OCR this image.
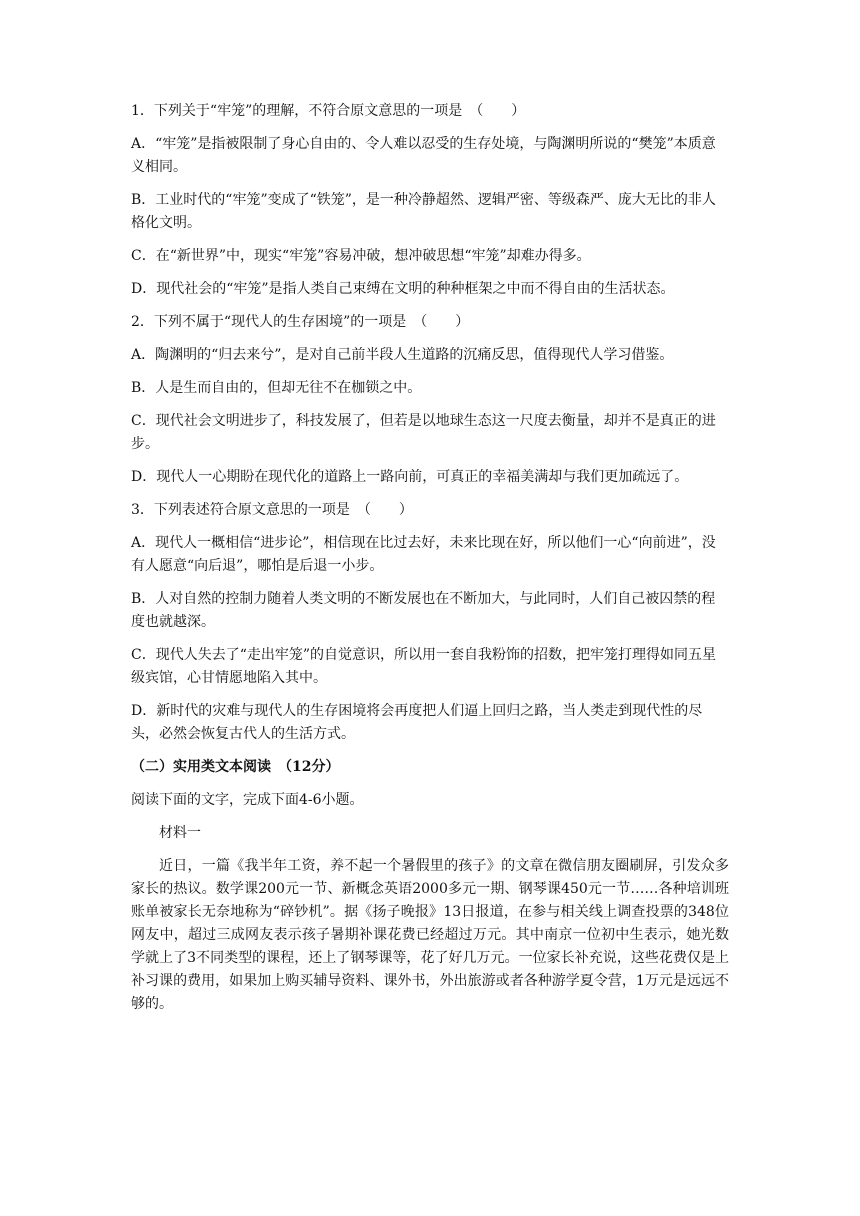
1．下列关于“牢笼”的理解，不符合原文意思的一项是　（　　）

A．“牢笼”是指被限制了身心自由的、令人难以忍受的生存处境，与陶渊明所说的“樊笼”本质意义相同。

B．工业时代的“牢笼”变成了“铁笼”，是一种冷静超然、逻辑严密、等级森严、庞大无比的非人格化文明。

C．在“新世界”中，现实“牢笼”容易冲破，想冲破思想“牢笼”却难办得多。

D．现代社会的“牢笼”是指人类自己束缚在文明的种种框架之中而不得自由的生活状态。

2．下列不属于“现代人的生存困境”的一项是　（　　）

A．陶渊明的“归去来兮”，是对自己前半段人生道路的沉痛反思，值得现代人学习借鉴。

B．人是生而自由的，但却无往不在枷锁之中。

C．现代社会文明进步了，科技发展了，但若是以地球生态这一尺度去衡量，却并不是真正的进步。

D．现代人一心期盼在现代化的道路上一路向前，可真正的幸福美满却与我们更加疏远了。

3．下列表述符合原文意思的一项是　（　　）

A．现代人一概相信“进步论”，相信现在比过去好，未来比现在好，所以他们一心“向前进”，没有人愿意“向后退”，哪怕是后退一小步。

B．人对自然的控制力随着人类文明的不断发展也在不断加大，与此同时，人们自己被囚禁的程度也就越深。

C．现代人失去了“走出牢笼”的自觉意识，所以用一套自我粉饰的招数，把牢笼打理得如同五星级宾馆，心甘情愿地陷入其中。

D．新时代的灾难与现代人的生存困境将会再度把人们逼上回归之路，当人类走到现代性的尽头，必然会恢复古代人的生活方式。

（二）实用类文本阅读　（12分）

阅读下面的文字，完成下面4-6小题。

材料一

近日，一篇《我半年工资，养不起一个暑假里的孩子》的文章在微信朋友圈刷屏，引发众多家长的热议。数学课200元一节、新概念英语2000多元一期、钢琴课450元一节……各种培训班账单被家长无奈地称为“碎钞机”。据《扬子晚报》13日报道，在参与相关线上调查投票的348位网友中，超过三成网友表示孩子暑期补课花费已经超过万元。其中南京一位初中生表示，她光数学就上了3不同类型的课程，还上了钢琴课等，花了好几万元。一位家长补充说，这些花费仅是上补习课的费用，如果加上购买辅导资料、课外书，外出旅游或者各种游学夏令营，1万元是远远不够的。
